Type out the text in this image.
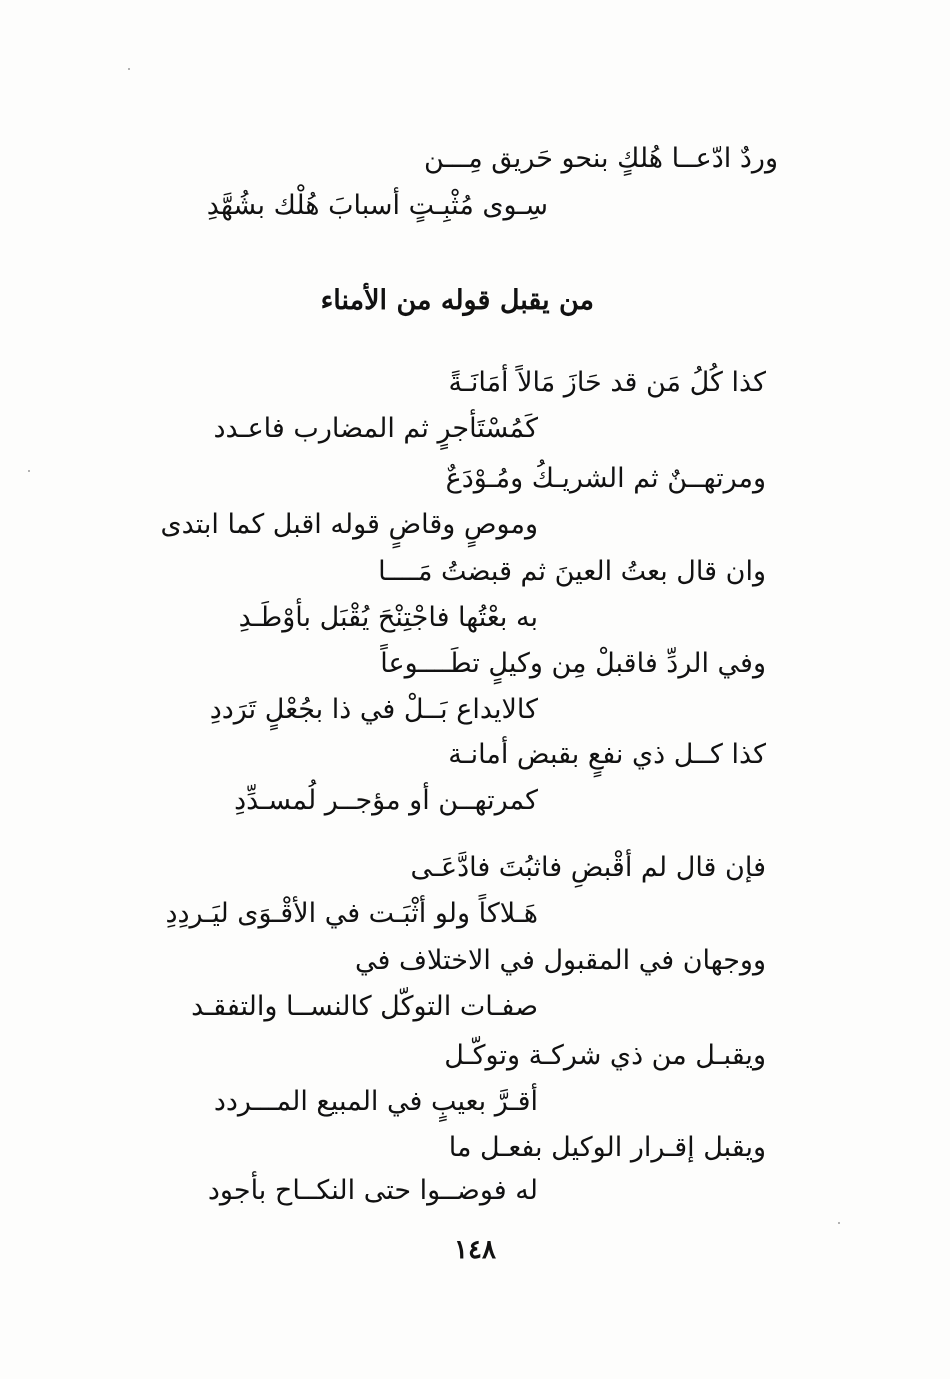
وردٌ ادّعــا هُلكٍ بنحو حَريق مِـــن
سِـوى مُثْبِـتٍ أسبابَ هُلْك بشُهَّدِ
من يقبل قوله من الأمناء
كذا كُلُ مَن قد حَازَ مَالاً أمَانَـةً
كَمُسْتَأجرٍ ثم المضارب فاعـدد
ومرتهــنٌ ثم الشريـكُ ومُـوْدَعٌ
وموصٍ وقاضٍ قوله اقبل كما ابتدى
وان قال بعتُ العينَ ثم قبضتُ مَــــا
به بعْتُها فاجْتِنْحَ يُقْبَل بأوْطَـدِ
وفي الردِّ فاقبلْ مِن وكيلٍ تطَــــوعاً
كالايداع بَــلْ في ذا بجُعْلٍ تَرَددِ
كذا كــل ذي نفعٍ بقبض أمانـة
كمرتهــن أو مؤجــر لُمسـدِّدِ
فإن قال لم أقْبضِ فاثبُتَ فادَّعَـى
هَـلاكاً ولو أثْبَـت في الأقْـوَى ليَـردِدِ
ووجهان في المقبول في الاختلاف في
صفـات التوكّل كالنســا والتفقـد
ويقبـل من ذي شركـة وتوكّـل
أقـرَّ بعيبٍ في المبيع المـــردد
ويقبل إقـرار الوكيل بفعـل ما
له فوضــوا حتى النكــاح بأجود
١٤٨
